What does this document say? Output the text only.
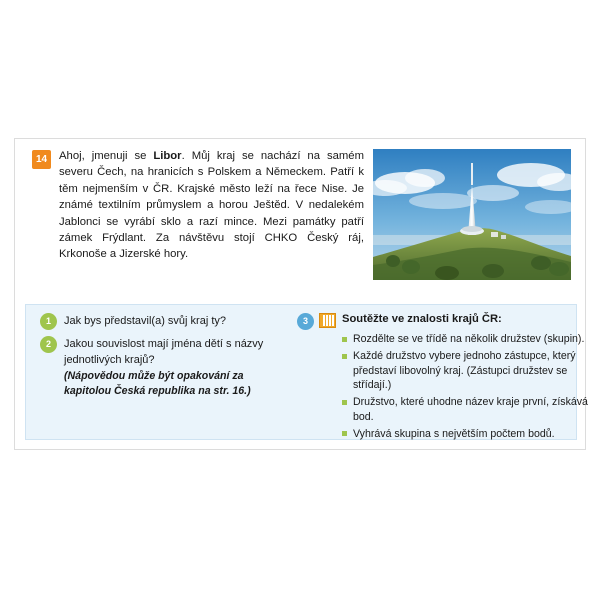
14	Ahoj, jmenuji se Libor. Můj kraj se nachází na samém severu Čech, na hranicích s Polskem a Německem. Patří k těm nejmenším v ČR. Krajské město leží na řece Nise. Je známé textilním průmyslem a horou Ještěd. V nedalekém Jablonci se vyrábí sklo a razí mince. Mezi památky patří zámek Frýdlant. Za návštěvu stojí CHKO Český ráj, Krkonoše a Jizerské hory.
1	Jak bys představil(a) svůj kraj ty?
2	Jakou souvislost mají jména dětí s názvy jednotlivých krajů?
(Nápovědou může být opakování za kapitolou Česká republika na str. 16.)
3	Soutěžte ve znalosti krajů ČR:
Rozdělte se ve třídě na několik družstev (skupin).
Každé družstvo vybere jednoho zástupce, který představí libovolný kraj. (Zástupci družstev se střídají.)
Družstvo, které uhodne název kraje první, získává bod.
Vyhrává skupina s největším počtem bodů.
